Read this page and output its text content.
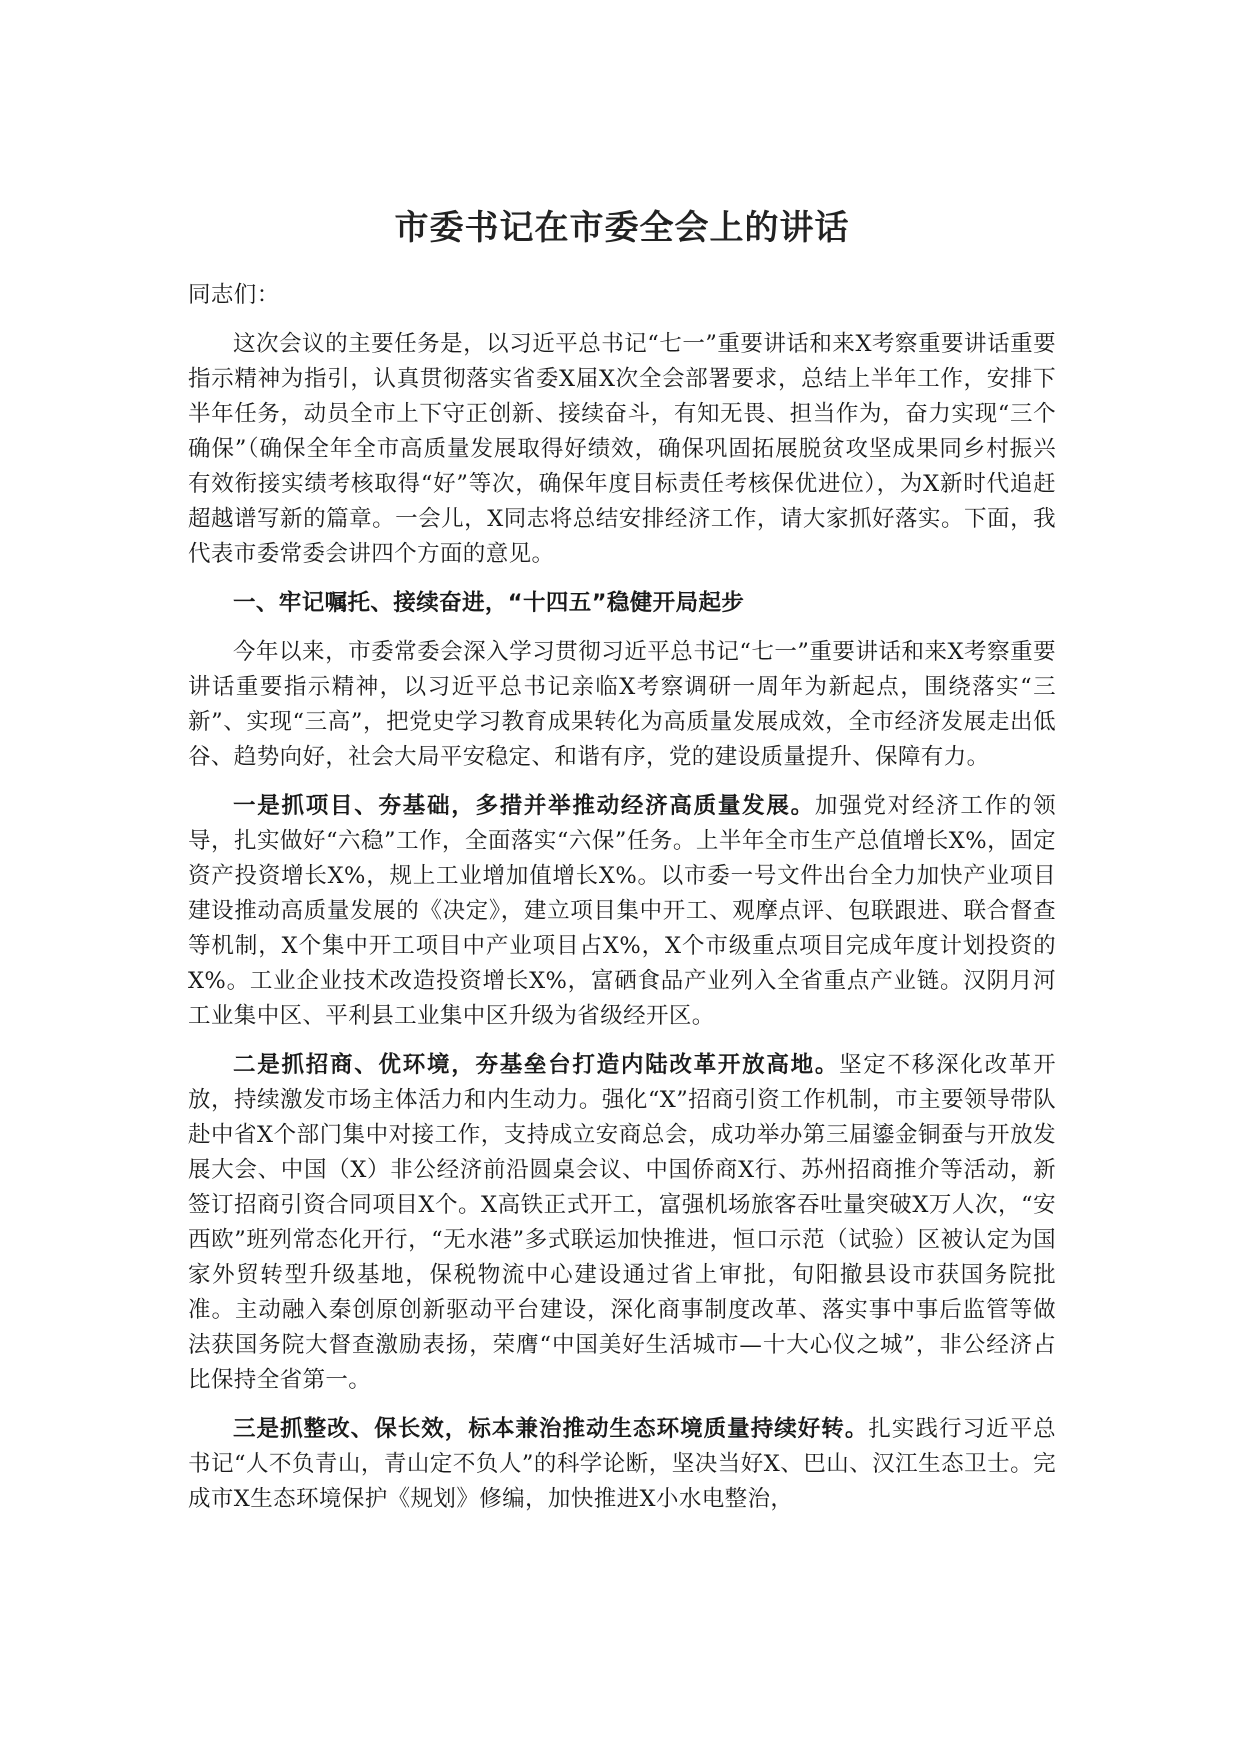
市委书记在市委全会上的讲话

同志们：

这次会议的主要任务是，以习近平总书记“七一”重要讲话和来X考察重要讲话重要指示精神为指引，认真贯彻落实省委X届X次全会部署要求，总结上半年工作，安排下半年任务，动员全市上下守正创新、接续奋斗，有知无畏、担当作为，奋力实现“三个确保”（确保全年全市高质量发展取得好绩效，确保巩固拓展脱贫攻坚成果同乡村振兴有效衔接实绩考核取得“好”等次，确保年度目标责任考核保优进位），为X新时代追赶超越谱写新的篇章。一会儿，X同志将总结安排经济工作，请大家抓好落实。下面，我代表市委常委会讲四个方面的意见。

一、牢记嘱托、接续奋进，“十四五”稳健开局起步

今年以来，市委常委会深入学习贯彻习近平总书记“七一”重要讲话和来X考察重要讲话重要指示精神，以习近平总书记亲临X考察调研一周年为新起点，围绕落实“三新”、实现“三高”，把党史学习教育成果转化为高质量发展成效，全市经济发展走出低谷、趋势向好，社会大局平安稳定、和谐有序，党的建设质量提升、保障有力。

一是抓项目、夯基础，多措并举推动经济高质量发展。加强党对经济工作的领导，扎实做好“六稳”工作，全面落实“六保”任务。上半年全市生产总值增长X%，固定资产投资增长X%，规上工业增加值增长X%。以市委一号文件出台全力加快产业项目建设推动高质量发展的《决定》，建立项目集中开工、观摩点评、包联跟进、联合督查等机制，X个集中开工项目中产业项目占X%，X个市级重点项目完成年度计划投资的X%。工业企业技术改造投资增长X%，富硒食品产业列入全省重点产业链。汉阴月河工业集中区、平利县工业集中区升级为省级经开区。

二是抓招商、优环境，夯基垒台打造内陆改革开放高地。坚定不移深化改革开放，持续激发市场主体活力和内生动力。强化“X”招商引资工作机制，市主要领导带队赴中省X个部门集中对接工作，支持成立安商总会，成功举办第三届鎏金铜蚕与开放发展大会、中国（X）非公经济前沿圆桌会议、中国侨商X行、苏州招商推介等活动，新签订招商引资合同项目X个。X高铁正式开工，富强机场旅客吞吐量突破X万人次，“安西欧”班列常态化开行，“无水港”多式联运加快推进，恒口示范（试验）区被认定为国家外贸转型升级基地，保税物流中心建设通过省上审批，旬阳撤县设市获国务院批准。主动融入秦创原创新驱动平台建设，深化商事制度改革、落实事中事后监管等做法获国务院大督查激励表扬，荣膺“中国美好生活城市—十大心仪之城”，非公经济占比保持全省第一。

三是抓整改、保长效，标本兼治推动生态环境质量持续好转。扎实践行习近平总书记“人不负青山，青山定不负人”的科学论断，坚决当好X、巴山、汉江生态卫士。完成市X生态环境保护《规划》修编，加快推进X小水电整治，
